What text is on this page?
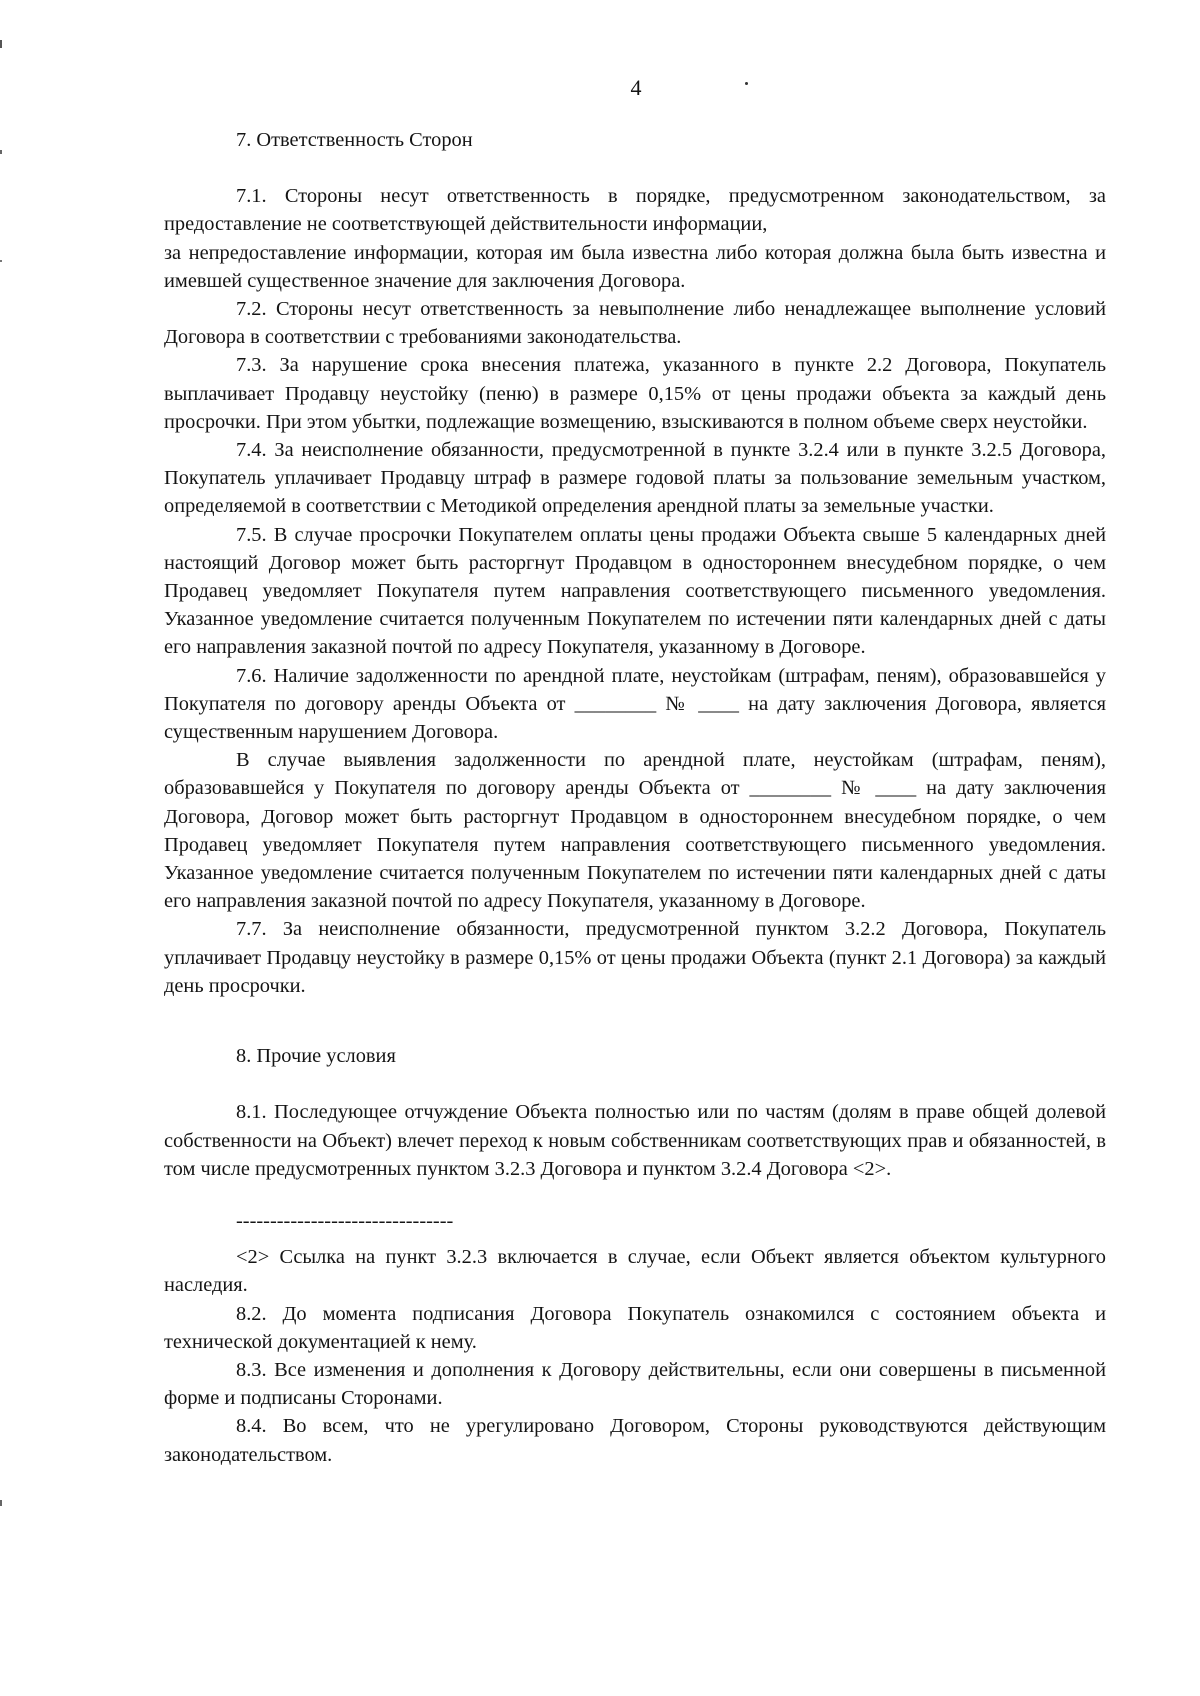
4

7. Ответственность Сторон

7.1. Стороны несут ответственность в порядке, предусмотренном законодательством, за предоставление не соответствующей действительности информации,

за непредоставление информации, которая им была известна либо которая должна была быть известна и имевшей существенное значение для заключения Договора.

7.2. Стороны несут ответственность за невыполнение либо ненадлежащее выполнение условий Договора в соответствии с требованиями законодательства.

7.3. За нарушение срока внесения платежа, указанного в пункте 2.2 Договора, Покупатель выплачивает Продавцу неустойку (пеню) в размере 0,15% от цены продажи объекта за каждый день просрочки. При этом убытки, подлежащие возмещению, взыскиваются в полном объеме сверх неустойки.

7.4. За неисполнение обязанности, предусмотренной в пункте 3.2.4 или в пункте 3.2.5 Договора, Покупатель уплачивает Продавцу штраф в размере годовой платы за пользование земельным участком, определяемой в соответствии с Методикой определения арендной платы за земельные участки.

7.5. В случае просрочки Покупателем оплаты цены продажи Объекта свыше 5 календарных дней настоящий Договор может быть расторгнут Продавцом в одностороннем внесудебном порядке, о чем Продавец уведомляет Покупателя путем направления соответствующего письменного уведомления. Указанное уведомление считается полученным Покупателем по истечении пяти календарных дней с даты его направления заказной почтой по адресу Покупателя, указанному в Договоре.

7.6. Наличие задолженности по арендной плате, неустойкам (штрафам, пеням), образовавшейся у Покупателя по договору аренды Объекта от ________ № ____ на дату заключения Договора, является существенным нарушением Договора.

В случае выявления задолженности по арендной плате, неустойкам (штрафам, пеням), образовавшейся у Покупателя по договору аренды Объекта от ________ № ____ на дату заключения Договора, Договор может быть расторгнут Продавцом в одностороннем внесудебном порядке, о чем Продавец уведомляет Покупателя путем направления соответствующего письменного уведомления. Указанное уведомление считается полученным Покупателем по истечении пяти календарных дней с даты его направления заказной почтой по адресу Покупателя, указанному в Договоре.

7.7. За неисполнение обязанности, предусмотренной пунктом 3.2.2 Договора, Покупатель уплачивает Продавцу неустойку в размере 0,15% от цены продажи Объекта (пункт 2.1 Договора) за каждый день просрочки.

8. Прочие условия

8.1. Последующее отчуждение Объекта полностью или по частям (долям в праве общей долевой собственности на Объект) влечет переход к новым собственникам соответствующих прав и обязанностей, в том числе предусмотренных пунктом 3.2.3 Договора и пунктом 3.2.4 Договора <2>.

--------------------------------

<2> Ссылка на пункт 3.2.3 включается в случае, если Объект является объектом культурного наследия.

8.2. До момента подписания Договора Покупатель ознакомился с состоянием объекта и технической документацией к нему.

8.3. Все изменения и дополнения к Договору действительны, если они совершены в письменной форме и подписаны Сторонами.

8.4. Во всем, что не урегулировано Договором, Стороны руководствуются действующим законодательством.
